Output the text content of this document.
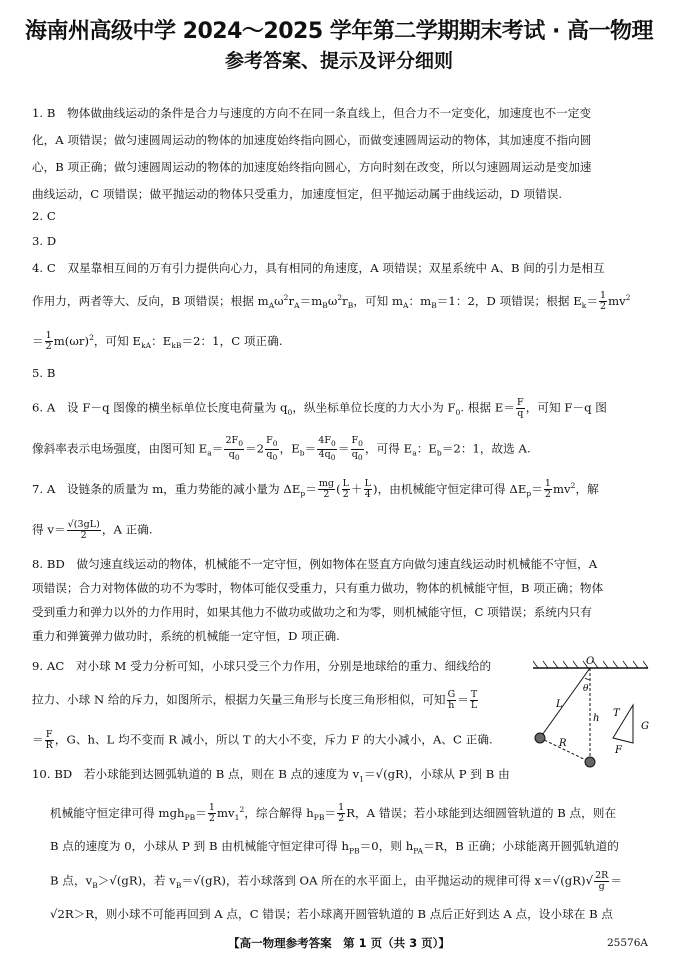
海南州高级中学 2024～2025 学年第二学期期末考试 · 高一物理
参考答案、提示及评分细则
1. B　物体做曲线运动的条件是合力与速度的方向不在同一条直线上，但合力不一定变化，加速度也不一定变
化，A 项错误；做匀速圆周运动的物体的加速度始终指向圆心，而做变速圆周运动的物体，其加速度不指向圆
心，B 项正确；做匀速圆周运动的物体的加速度始终指向圆心，方向时刻在改变，所以匀速圆周运动是变加速
曲线运动，C 项错误；做平抛运动的物体只受重力，加速度恒定，但平抛运动属于曲线运动，D 项错误.
2. C
3. D
4. C　双星靠相互间的万有引力提供向心力，具有相同的角速度，A 项错误；双星系统中 A、B 间的引力是相互
作用力，两者等大、反向，B 项错误；根据 $m_A\omega^2r_A=m_B\omega^2r_B$，可知 $m_A$：$m_B=1$：2，D 项错误；根据 $E_k= \frac{1}{2} mv^2$
＝ $\frac{1}{2} m(\omega r)^2$，可知 $E_{kA}$：$E_{kB}=2$：1，C 项正确.
5. B
6. A　设 F－q 图像的横坐标单位长度电荷量为 $q_0$，纵坐标单位长度的力大小为 $F_0$. 根据 $E= \frac{F}{q}$ ，可知 F－q 图
像斜率表示电场强度，由图可知 $E_a= \frac{2F_0}{q_0} =2 \frac{F_0}{q_0}$ ，$E_b= \frac{4F_0}{4q_0} = \frac{F_0}{q_0}$ ，可得 $E_a$：$E_b=2$：1，故选 A.
7. A　设链条的质量为 m，重力势能的减小量为 $\Delta E_p= \frac{mg}{2}$ ( $\frac{L}{2} + \frac{L}{4}$ )，由机械能守恒定律可得 $\Delta E_p= \frac{1}{2} mv^2$，解
得 $v= \frac{√(3gL)}{2}$ ，A 正确.
8. BD　做匀速直线运动的物体，机械能不一定守恒，例如物体在竖直方向做匀速直线运动时机械能不守恒，A
项错误；合力对物体做的功不为零时，物体可能仅受重力，只有重力做功，物体的机械能守恒，B 项正确；物体
受到重力和弹力以外的力作用时，如果其他力不做功或做功之和为零，则机械能守恒，C 项错误；系统内只有
重力和弹簧弹力做功时，系统的机械能一定守恒，D 项正确.
9. AC　对小球 M 受力分析可知，小球只受三个力作用，分别是地球给的重力、细线给的
拉力、小球 N 给的斥力，如图所示，根据力矢量三角形与长度三角形相似，可知 $\frac{G}{h} = \frac{T}{L}$
＝ $\frac{F}{R}$ ，G、h、L 均不变而 R 减小，所以 T 的大小不变，斥力 F 的大小减小，A、C 正确.
O
θ
L
h
R
T
G
F
10. BD　若小球能到达圆弧轨道的 B 点，则在 B 点的速度为 $v_1=√(gR)$，小球从 P 到 B 由
机械能守恒定律可得 $mgh_{PB}= \frac{1}{2} mv_1^2$，综合解得 $h_{PB}= \frac{1}{2}$ R，A 错误；若小球能到达细圆管轨道的 B 点，则在
B 点的速度为 0，小球从 P 到 B 由机械能守恒定律可得 $h_{PB}=0$，则 $h_{PA}=R$，B 正确；小球能离开圆弧轨道的
B 点，$v_B>√(gR)$，若 $v_B=√(gR)$，若小球落到 OA 所在的水平面上，由平抛运动的规律可得 $x=√(gR)√ \frac{2R}{g}$ ＝
√2R＞R，则小球不可能再回到 A 点，C 错误；若小球离开圆管轨道的 B 点后正好到达 A 点，设小球在 B 点
【高一物理参考答案　第 1 页（共 3 页）】	25576A
